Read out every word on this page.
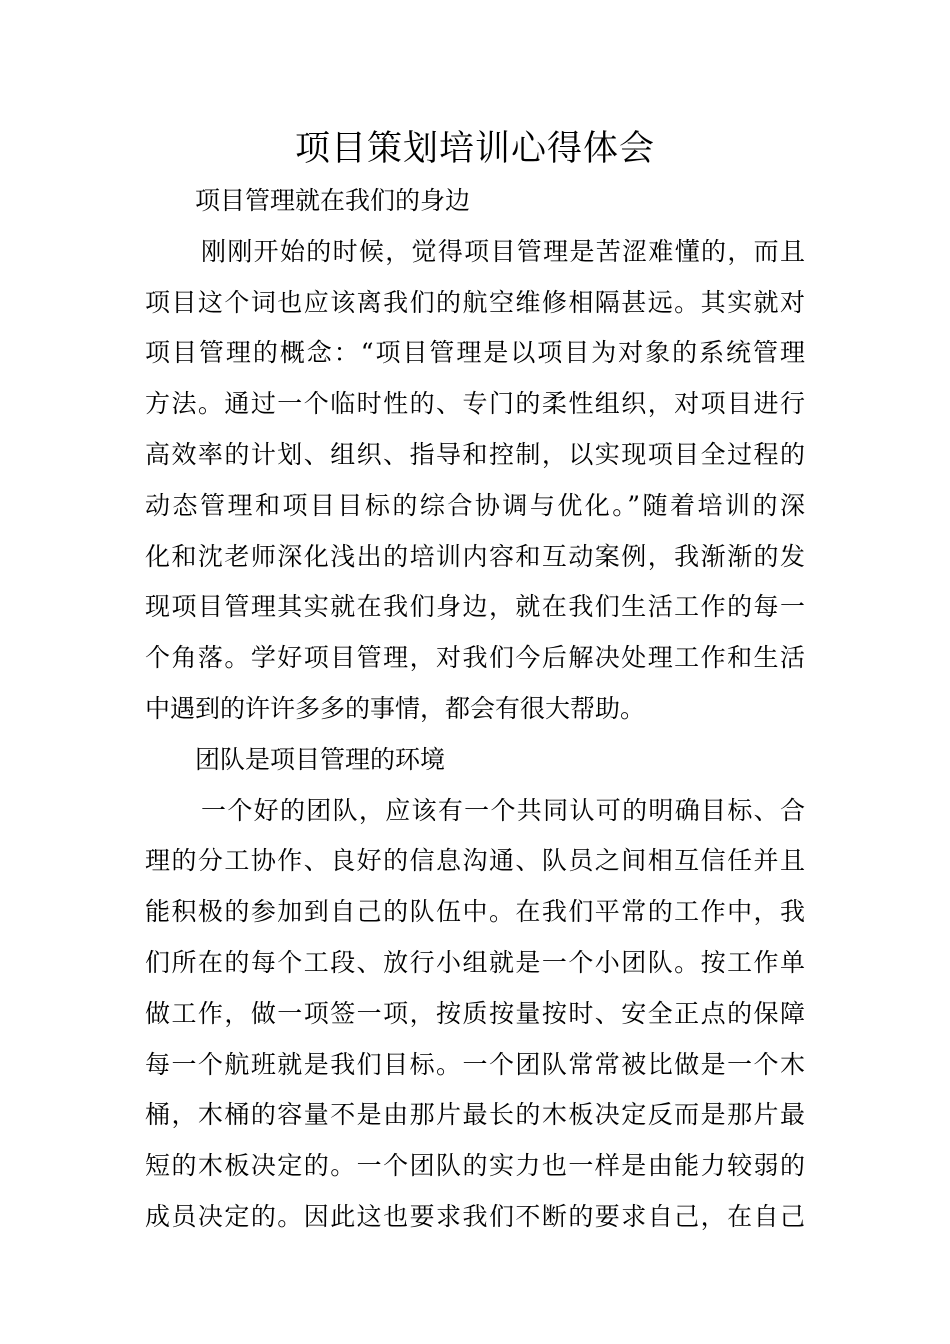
项目策划培训心得体会
项目管理就在我们的身边
刚刚开始的时候，觉得项目管理是苦涩难懂的，而且
项目这个词也应该离我们的航空维修相隔甚远。其实就对
项目管理的概念：“项目管理是以项目为对象的系统管理
方法。通过一个临时性的、专门的柔性组织，对项目进行
高效率的计划、组织、指导和控制，以实现项目全过程的
动态管理和项目目标的综合协调与优化。”随着培训的深
化和沈老师深化浅出的培训内容和互动案例，我渐渐的发
现项目管理其实就在我们身边，就在我们生活工作的每一
个角落。学好项目管理，对我们今后解决处理工作和生活
中遇到的许许多多的事情，都会有很大帮助。
团队是项目管理的环境
一个好的团队，应该有一个共同认可的明确目标、合
理的分工协作、良好的信息沟通、队员之间相互信任并且
能积极的参加到自己的队伍中。在我们平常的工作中，我
们所在的每个工段、放行小组就是一个小团队。按工作单
做工作，做一项签一项，按质按量按时、安全正点的保障
每一个航班就是我们目标。一个团队常常被比做是一个木
桶，木桶的容量不是由那片最长的木板决定反而是那片最
短的木板决定的。一个团队的实力也一样是由能力较弱的
成员决定的。因此这也要求我们不断的要求自己，在自己
